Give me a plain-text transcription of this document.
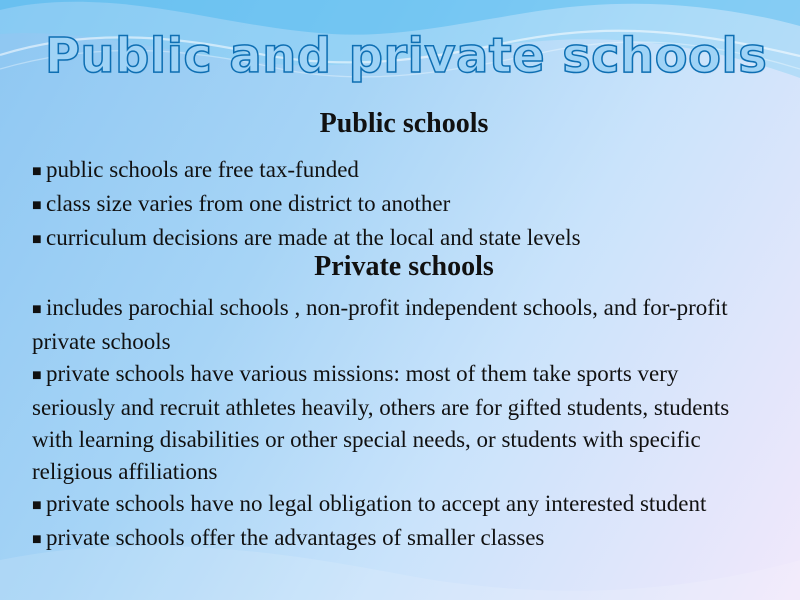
Public and private schools
Public schools
■ public schools are free tax-funded
■ class size varies from one district to another
■ curriculum decisions are made at the local and state levels
Private schools
■ includes parochial schools , non-profit independent schools, and for-profit private schools
■ private schools have various missions: most of them take sports very seriously and recruit athletes heavily, others are for gifted students, students with learning disabilities or other special needs, or students with specific religious affiliations
■ private schools have no legal obligation to accept any interested student
■ private schools offer the advantages of smaller classes
